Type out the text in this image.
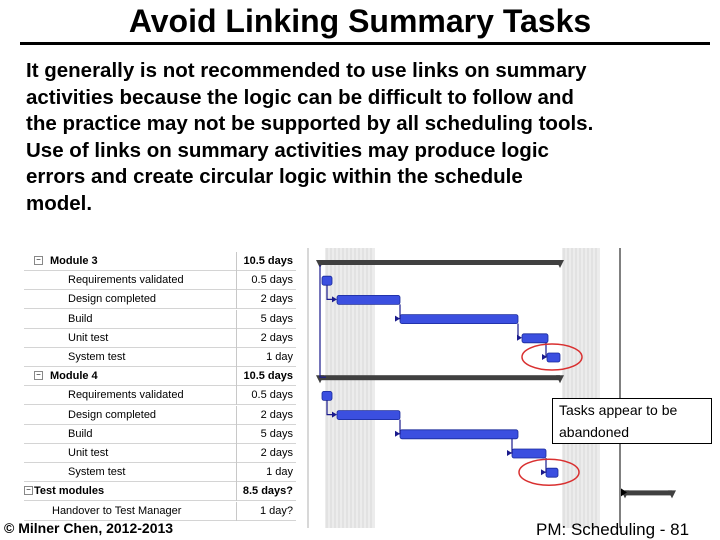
Avoid Linking Summary Tasks
It generally is not recommended to use links on summary
activities because the logic can be difficult to follow and
the practice may not be supported by all scheduling tools.
Use of links on summary activities may produce logic
errors and create circular logic within the schedule
model.
− Module 3	10.5 days
Requirements validated	0.5 days
Design completed	2 days
Build	5 days
Unit test	2 days
System test	1 day
− Module 4	10.5 days
Requirements validated	0.5 days
Design completed	2 days
Build	5 days
Unit test	2 days
System test	1 day
− Test modules	8.5 days?
Handover to Test Manager	1 day?
Tasks appear to be
abandoned
© Milner Chen, 2012-2013	PM: Scheduling - 81
